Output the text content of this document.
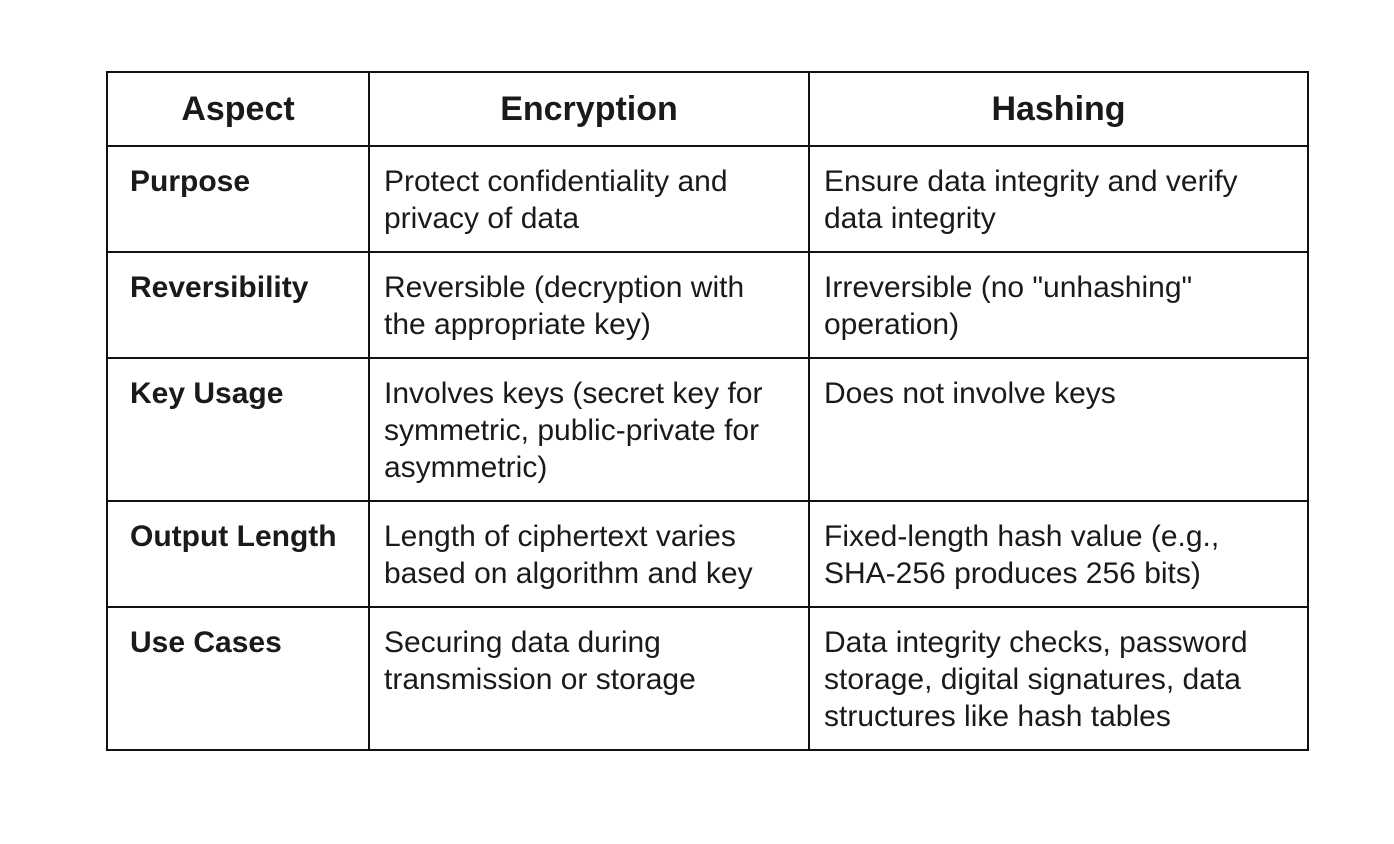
Aspect	Encryption	Hashing
Purpose	Protect confidentiality and privacy of data	Ensure data integrity and verify data integrity
Reversibility	Reversible (decryption with the appropriate key)	Irreversible (no "unhashing" operation)
Key Usage	Involves keys (secret key for symmetric, public-private for asymmetric)	Does not involve keys
Output Length	Length of ciphertext varies based on algorithm and key	Fixed-length hash value (e.g., SHA-256 produces 256 bits)
Use Cases	Securing data during transmission or storage	Data integrity checks, password storage, digital signatures, data structures like hash tables
